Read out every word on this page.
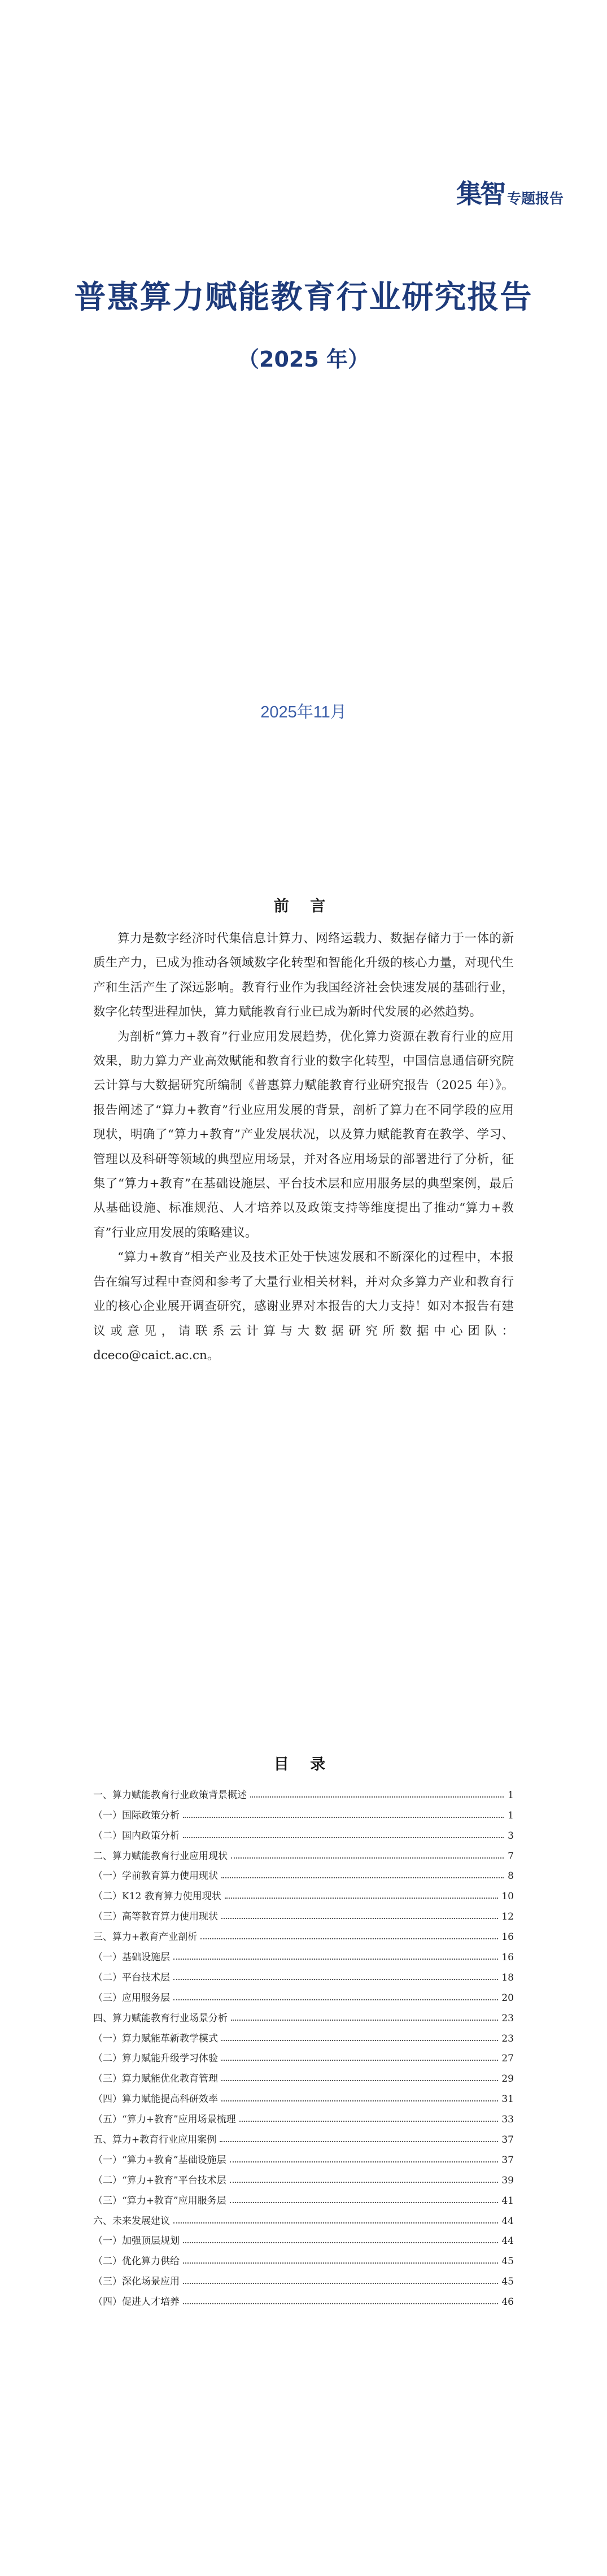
集智 专题报告
普惠算力赋能教育行业研究报告
（2025 年）
2025年11月
前 言

算力是数字经济时代集信息计算力、网络运载力、数据存储力于一体的新质生产力，已成为推动各领域数字化转型和智能化升级的核心力量，对现代生产和生活产生了深远影响。教育行业作为我国经济社会快速发展的基础行业，数字化转型进程加快，算力赋能教育行业已成为新时代发展的必然趋势。

为剖析“算力+教育”行业应用发展趋势，优化算力资源在教育行业的应用效果，助力算力产业高效赋能和教育行业的数字化转型，中国信息通信研究院云计算与大数据研究所编制《普惠算力赋能教育行业研究报告（2025 年）》。报告阐述了“算力+教育”行业应用发展的背景，剖析了算力在不同学段的应用现状，明确了“算力+教育”产业发展状况，以及算力赋能教育在教学、学习、管理以及科研等领域的典型应用场景，并对各应用场景的部署进行了分析，征集了“算力+教育”在基础设施层、平台技术层和应用服务层的典型案例，最后从基础设施、标准规范、人才培养以及政策支持等维度提出了推动“算力+教育”行业应用发展的策略建议。

“算力+教育”相关产业及技术正处于快速发展和不断深化的过程中，本报告在编写过程中查阅和参考了大量行业相关材料，并对众多算力产业和教育行业的核心企业展开调查研究，感谢业界对本报告的大力支持！如对本报告有建议或意见，请联系云计算与大数据研究所数据中心团队：dceco@caict.ac.cn。

目 录
一、算力赋能教育行业政策背景概述	1
（一）国际政策分析	1
（二）国内政策分析	3
二、算力赋能教育行业应用现状	7
（一）学前教育算力使用现状	8
（二）K12 教育算力使用现状	10
（三）高等教育算力使用现状	12
三、算力+教育产业剖析	16
（一）基础设施层	16
（二）平台技术层	18
（三）应用服务层	20
四、算力赋能教育行业场景分析	23
（一）算力赋能革新教学模式	23
（二）算力赋能升级学习体验	27
（三）算力赋能优化教育管理	29
（四）算力赋能提高科研效率	31
（五）“算力+教育”应用场景梳理	33
五、算力+教育行业应用案例	37
（一）“算力+教育”基础设施层	37
（二）“算力+教育”平台技术层	39
（三）“算力+教育”应用服务层	41
六、未来发展建议	44
（一）加强顶层规划	44
（二）优化算力供给	45
（三）深化场景应用	45
（四）促进人才培养	46
